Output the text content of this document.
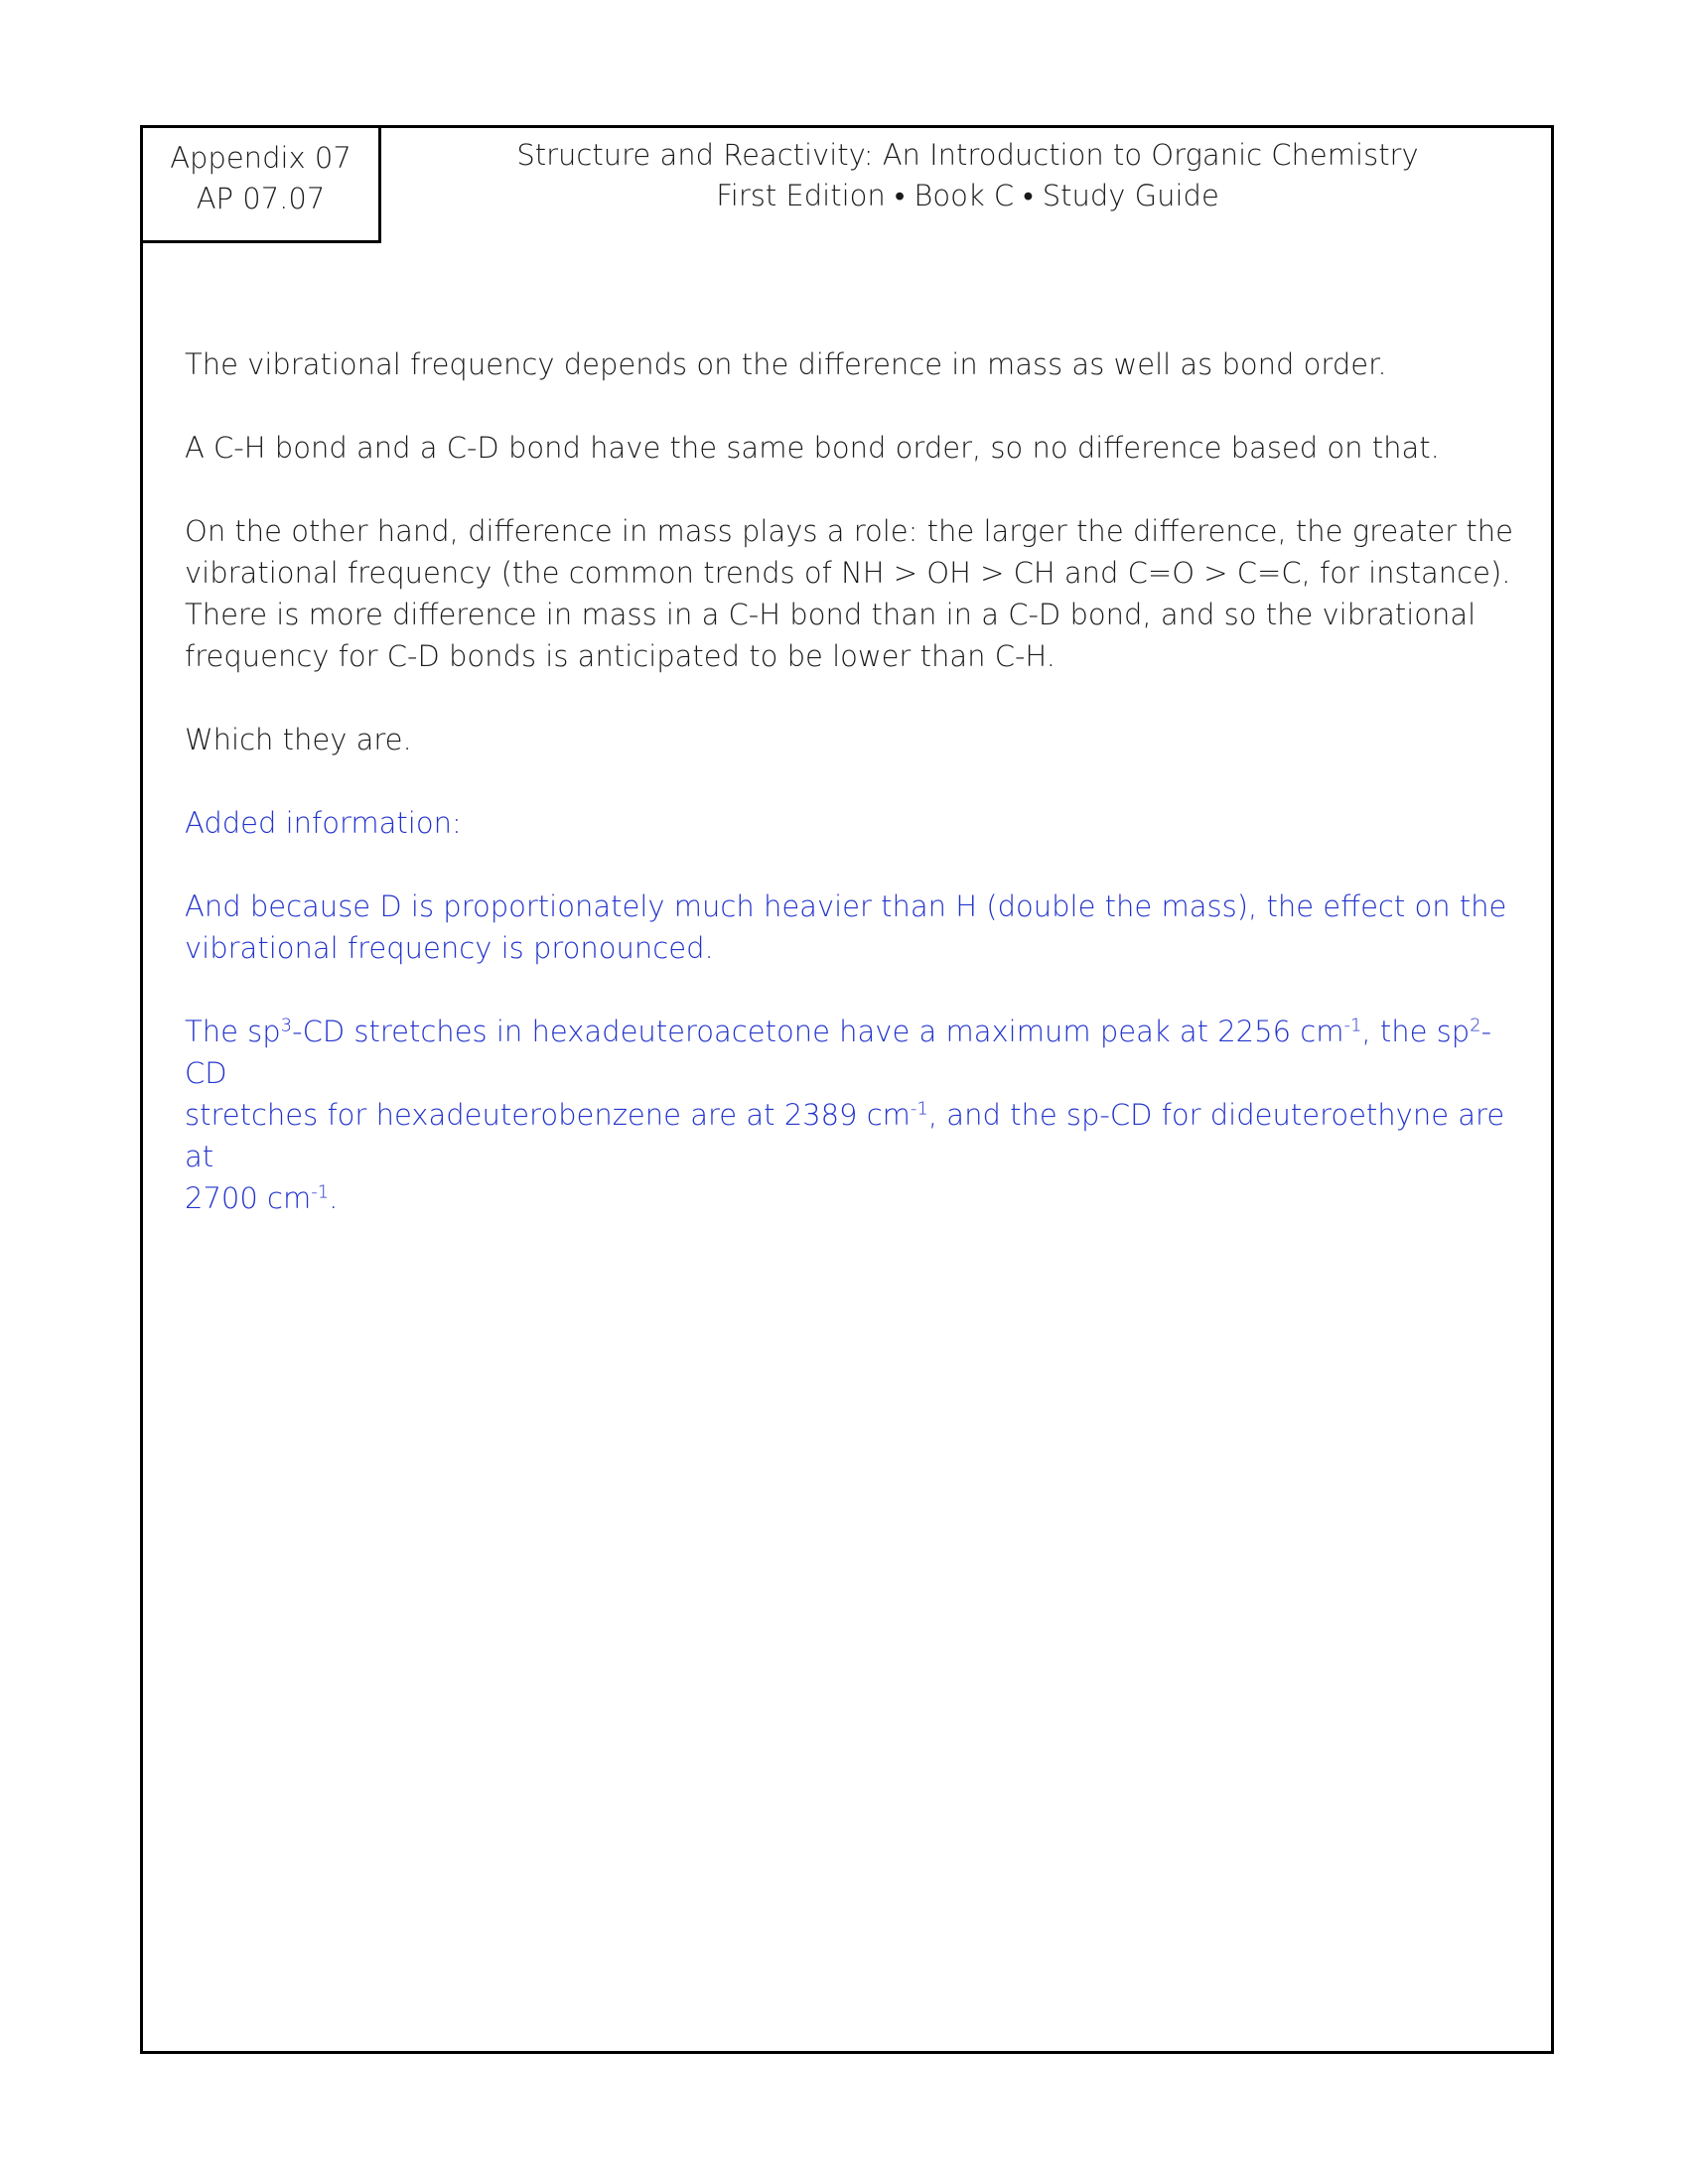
Appendix 07
AP 07.07
Structure and Reactivity: An Introduction to Organic Chemistry
First Edition • Book C • Study Guide

The vibrational frequency depends on the difference in mass as well as bond order.

A C-H bond and a C-D bond have the same bond order, so no difference based on that.

On the other hand, difference in mass plays a role: the larger the difference, the greater the
vibrational frequency (the common trends of NH > OH > CH and C=O > C=C, for instance).
There is more difference in mass in a C-H bond than in a C-D bond, and so the vibrational
frequency for C-D bonds is anticipated to be lower than C-H.

Which they are.

Added information:

And because D is proportionately much heavier than H (double the mass), the effect on the
vibrational frequency is pronounced.

The $sp^3-CD$ stretches in hexadeuteroacetone have a maximum peak at 2256 $cm^{-1}$, the $sp^2-CD$
stretches for hexadeuterobenzene are at 2389 $cm^{-1}$, and the sp-CD for dideuteroethyne are at
2700 $cm^{-1}$.
